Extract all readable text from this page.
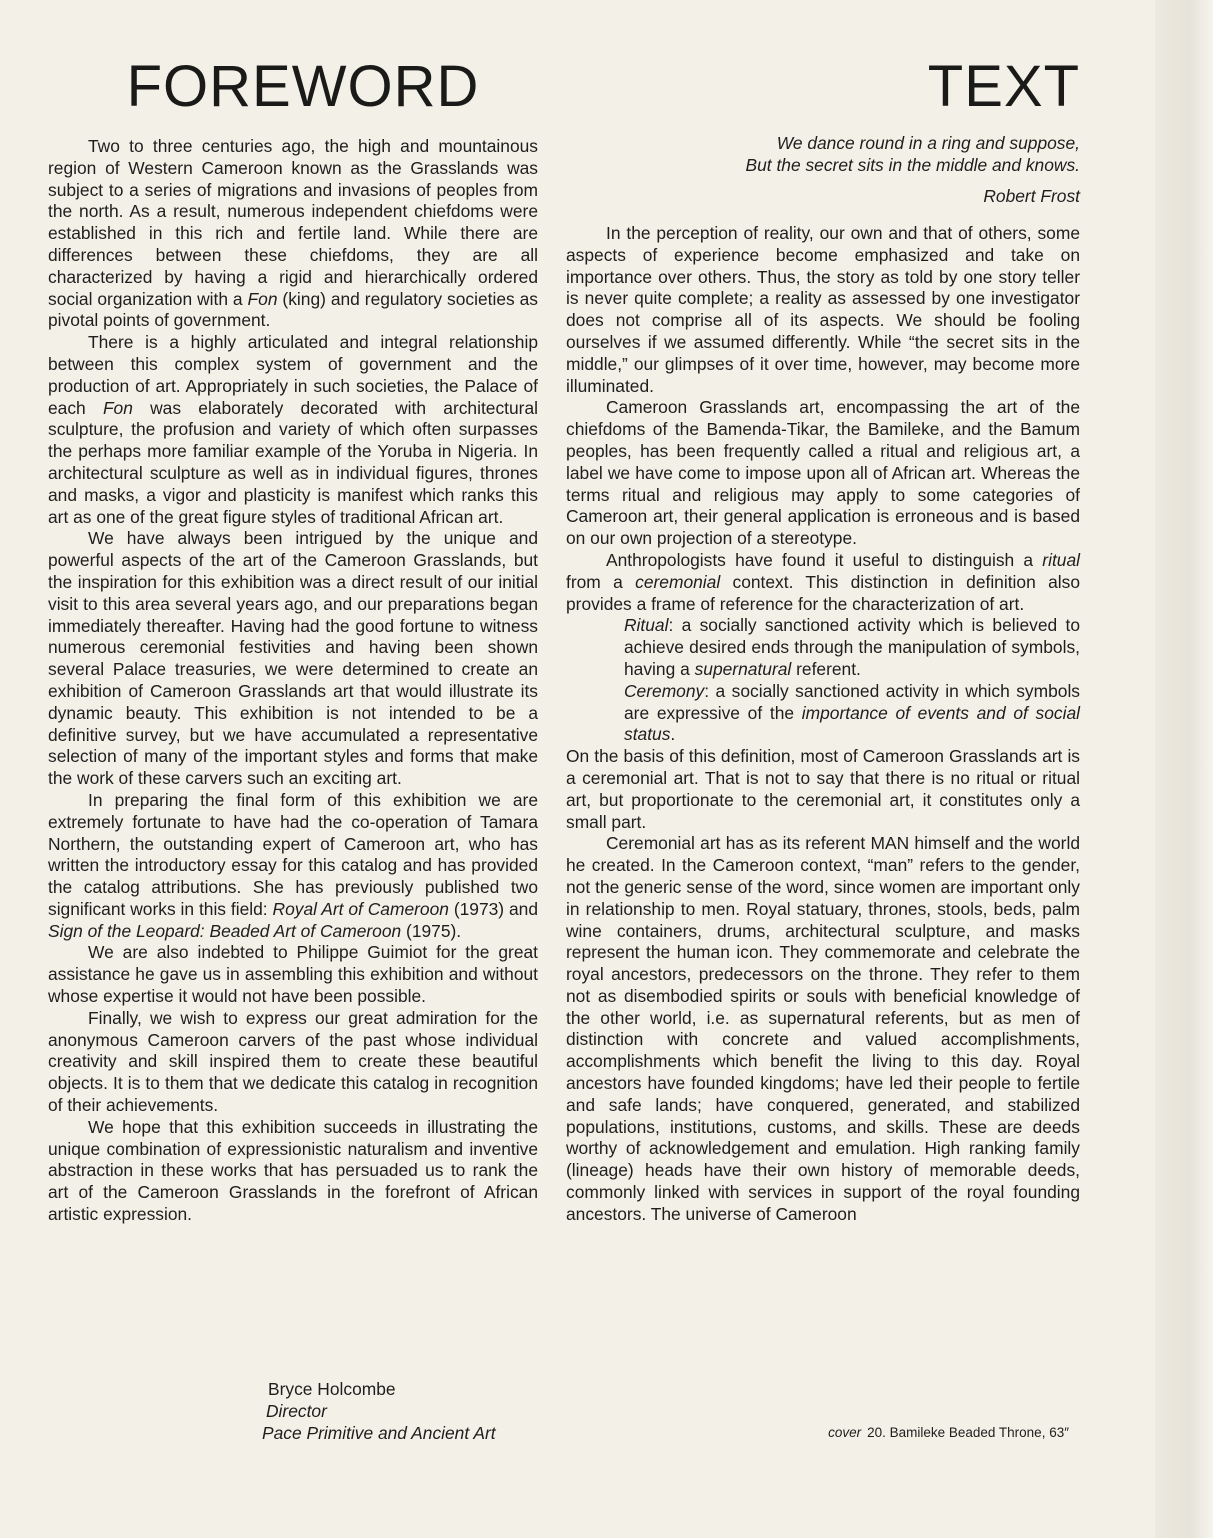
FOREWORD

Two to three centuries ago, the high and mountainous region of Western Cameroon known as the Grasslands was subject to a series of migrations and invasions of peoples from the north. As a result, numerous independent chiefdoms were established in this rich and fertile land. While there are differences between these chiefdoms, they are all characterized by having a rigid and hierarchically ordered social organization with a Fon (king) and regulatory societies as pivotal points of government.

There is a highly articulated and integral relationship between this complex system of government and the production of art. Appropriately in such societies, the Palace of each Fon was elaborately decorated with architectural sculpture, the profusion and variety of which often surpasses the perhaps more familiar example of the Yoruba in Nigeria. In architectural sculpture as well as in individual figures, thrones and masks, a vigor and plasticity is manifest which ranks this art as one of the great figure styles of traditional African art.

We have always been intrigued by the unique and powerful aspects of the art of the Cameroon Grasslands, but the inspiration for this exhibition was a direct result of our initial visit to this area several years ago, and our preparations began immediately thereafter. Having had the good fortune to witness numerous ceremonial festivities and having been shown several Palace treasuries, we were determined to create an exhibition of Cameroon Grasslands art that would illustrate its dynamic beauty. This exhibition is not intended to be a definitive survey, but we have accumulated a representative selection of many of the important styles and forms that make the work of these carvers such an exciting art.

In preparing the final form of this exhibition we are extremely fortunate to have had the co-operation of Tamara Northern, the outstanding expert of Cameroon art, who has written the introductory essay for this catalog and has provided the catalog attributions. She has previously published two significant works in this field: Royal Art of Cameroon (1973) and Sign of the Leopard: Beaded Art of Cameroon (1975).

We are also indebted to Philippe Guimiot for the great assistance he gave us in assembling this exhibition and without whose expertise it would not have been possible.

Finally, we wish to express our great admiration for the anonymous Cameroon carvers of the past whose individual creativity and skill inspired them to create these beautiful objects. It is to them that we dedicate this catalog in recognition of their achievements.

We hope that this exhibition succeeds in illustrating the unique combination of expressionistic naturalism and inventive abstraction in these works that has persuaded us to rank the art of the Cameroon Grasslands in the forefront of African artistic expression.

Bryce Holcombe
Director
Pace Primitive and Ancient Art
TEXT
We dance round in a ring and suppose,
But the secret sits in the middle and knows.
Robert Frost

In the perception of reality, our own and that of others, some aspects of experience become emphasized and take on importance over others. Thus, the story as told by one story teller is never quite complete; a reality as assessed by one investigator does not comprise all of its aspects. We should be fooling ourselves if we assumed differently. While “the secret sits in the middle,” our glimpses of it over time, however, may become more illuminated.

Cameroon Grasslands art, encompassing the art of the chiefdoms of the Bamenda-Tikar, the Bamileke, and the Bamum peoples, has been frequently called a ritual and religious art, a label we have come to impose upon all of African art. Whereas the terms ritual and religious may apply to some categories of Cameroon art, their general application is erroneous and is based on our own projection of a stereotype.

Anthropologists have found it useful to distinguish a ritual from a ceremonial context. This distinction in definition also provides a frame of reference for the characterization of art.

Ritual: a socially sanctioned activity which is believed to achieve desired ends through the manipulation of symbols, having a supernatural referent.

Ceremony: a socially sanctioned activity in which symbols are expressive of the importance of events and of social status.

On the basis of this definition, most of Cameroon Grasslands art is a ceremonial art. That is not to say that there is no ritual or ritual art, but proportionate to the ceremonial art, it constitutes only a small part.

Ceremonial art has as its referent MAN himself and the world he created. In the Cameroon context, “man” refers to the gender, not the generic sense of the word, since women are important only in relationship to men. Royal statuary, thrones, stools, beds, palm wine containers, drums, architectural sculpture, and masks represent the human icon. They commemorate and celebrate the royal ancestors, predecessors on the throne. They refer to them not as disembodied spirits or souls with beneficial knowledge of the other world, i.e. as supernatural referents, but as men of distinction with concrete and valued accomplishments, accomplishments which benefit the living to this day. Royal ancestors have founded kingdoms; have led their people to fertile and safe lands; have conquered, generated, and stabilized populations, institutions, customs, and skills. These are deeds worthy of acknowledgement and emulation. High ranking family (lineage) heads have their own history of memorable deeds, commonly linked with services in support of the royal founding ancestors. The universe of Cameroon

cover 20. Bamileke Beaded Throne, 63″
